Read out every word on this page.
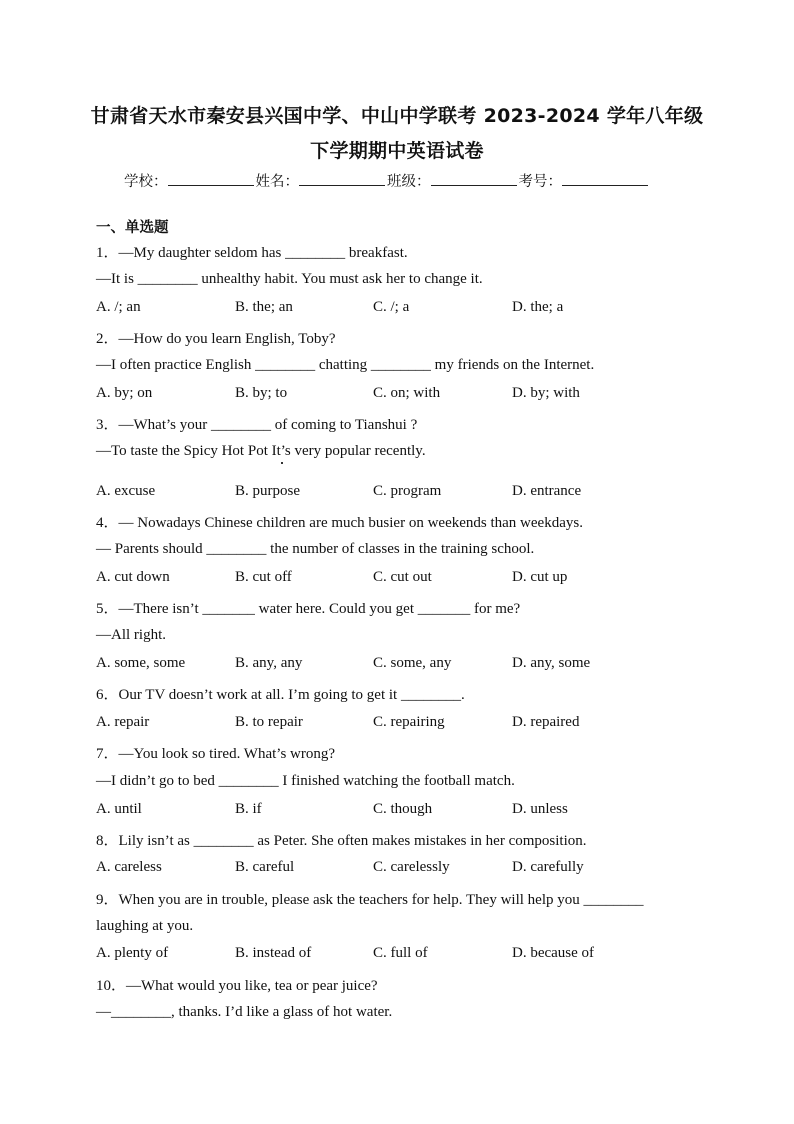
甘肃省天水市秦安县兴国中学、中山中学联考 2023-2024 学年八年级
下学期期中英语试卷
学校：	姓名：	班级：	考号：
一、单选题
1．—My daughter seldom has ________ breakfast.
—It is ________ unhealthy habit. You must ask her to change it.
A. /; an	B. the; an	C. /; a	D. the; a
2．—How do you learn English, Toby?
—I often practice English ________ chatting ________ my friends on the Internet.
A. by; on	B. by; to	C. on; with	D. by; with
3．—What’s your ________ of coming to Tianshui ?
—To taste the Spicy Hot Pot It’s very popular recently.
A. excuse	B. purpose	C. program	D. entrance
4．— Nowadays Chinese children are much busier on weekends than weekdays.
— Parents should ________ the number of classes in the training school.
A. cut down	B. cut off	C. cut out	D. cut up
5．—There isn’t _______ water here. Could you get _______ for me?
—All right.
A. some, some	B. any, any	C. some, any	D. any, some
6．Our TV doesn’t work at all. I’m going to get it ________.
A. repair	B. to repair	C. repairing	D. repaired
7．—You look so tired. What’s wrong?
—I didn’t go to bed ________ I finished watching the football match.
A. until	B. if	C. though	D. unless
8．Lily isn’t as ________ as Peter. She often makes mistakes in her composition.
A. careless	B. careful	C. carelessly	D. carefully
9．When you are in trouble, please ask the teachers for help. They will help you ________
laughing at you.
A. plenty of	B. instead of	C. full of	D. because of
10．—What would you like, tea or pear juice?
—________, thanks. I’d like a glass of hot water.
